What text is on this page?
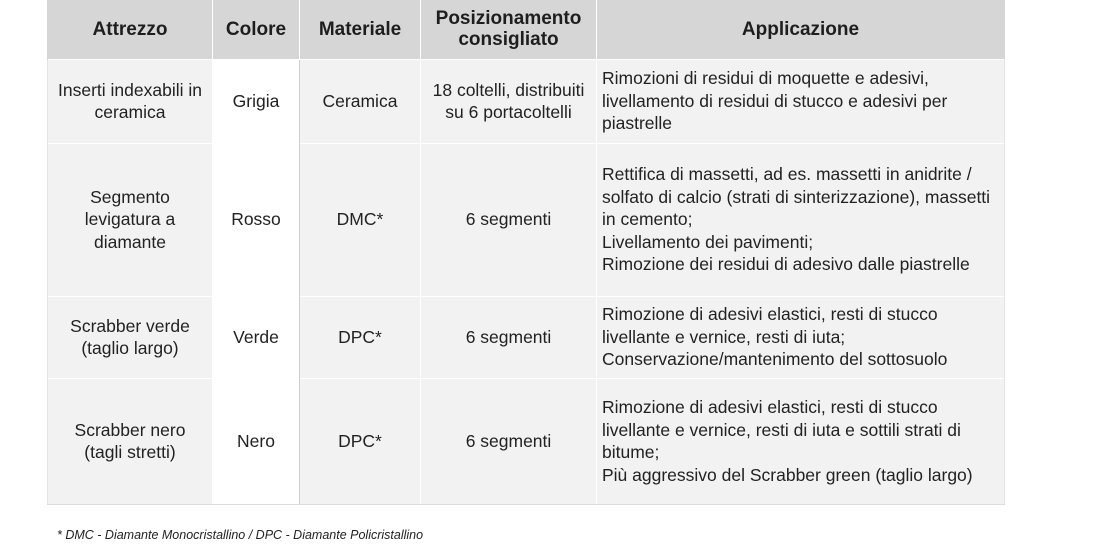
Attrezzo	Colore	Materiale	Posizionamento consigliato	Applicazione
Inserti indexabili in ceramica	Grigia	Ceramica	18 coltelli, distribuiti su 6 portacoltelli	Rimozioni di residui di moquette e adesivi, livellamento di residui di stucco e adesivi per piastrelle

Segmento levigatura a diamante	Rosso	DMC*	6 segmenti	Rettifica di massetti, ad es. massetti in anidrite / solfato di calcio (strati di sinterizzazione), massetti in cemento;
Livellamento dei pavimenti;
Rimozione dei residui di adesivo dalle piastrelle

Scrabber verde (taglio largo)	Verde	DPC*	6 segmenti	Rimozione di adesivi elastici, resti di stucco livellante e vernice, resti di iuta;
Conservazione/mantenimento del sottosuolo

Scrabber nero (tagli stretti)	Nero	DPC*	6 segmenti	Rimozione di adesivi elastici, resti di stucco livellante e vernice, resti di iuta e sottili strati di bitume;
Più aggressivo del Scrabber green (taglio largo)
* DMC - Diamante Monocristallino / DPC - Diamante Policristallino
